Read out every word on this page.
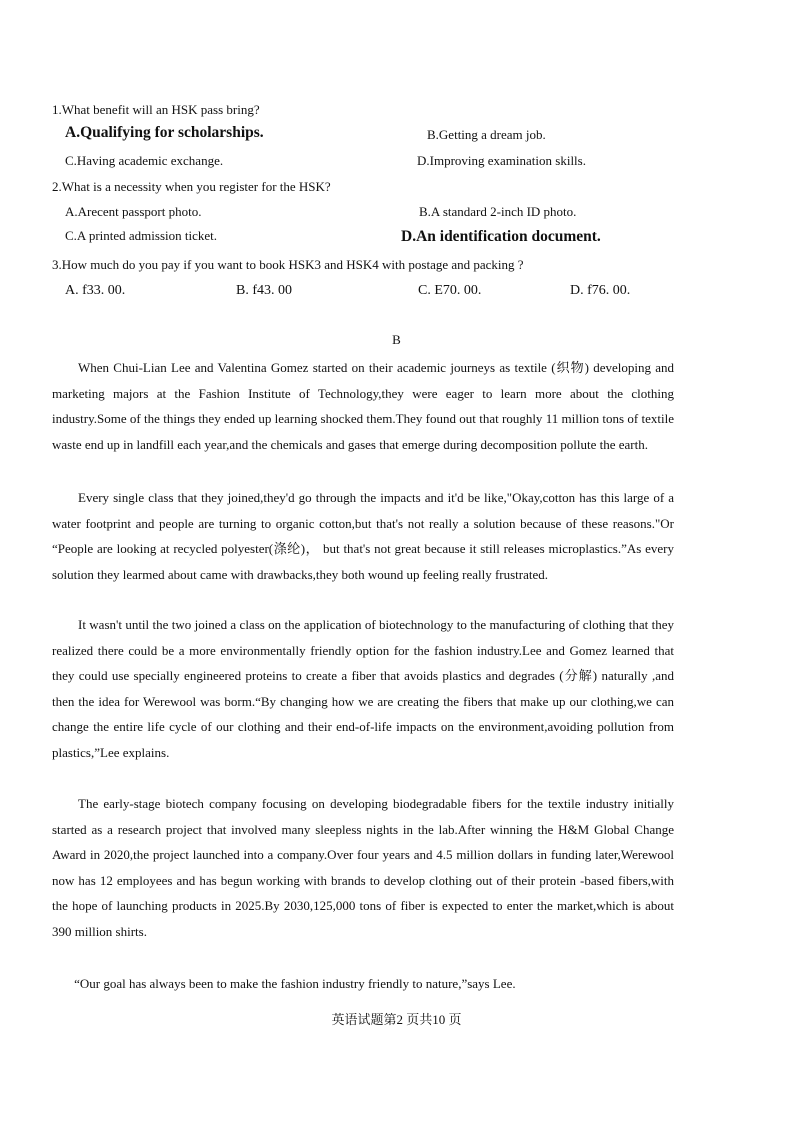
1.What benefit will an HSK pass bring?
A.Qualifying for scholarships.	B.Getting a dream job.
C.Having academic exchange.	D.Improving examination skills.
2.What is a necessity when you register for the HSK?
A.Arecent passport photo.	B.A standard 2-inch ID photo.
C.A printed admission ticket.	D.An identification document.
3.How much do you pay if you want to book HSK3 and HSK4 with postage and packing ?
A. f33. 00.	B. f43. 00	C. E70. 00.	D. f76. 00.
B

When Chui-Lian Lee and Valentina Gomez started on their academic journeys as textile (织物) developing and marketing majors at the Fashion Institute of Technology,they were eager to learn more about the clothing industry.Some of the things they ended up learning shocked them.They found out that roughly 11 million tons of textile waste end up in landfill each year,and the chemicals and gases that emerge during decomposition pollute the earth.

Every single class that they joined,they'd go through the impacts and it'd be like,"Okay,cotton has this large of a water footprint and people are turning to organic cotton,but that's not really a solution because of these reasons."Or “People are looking at recycled polyester(涤纶)， but that's not great because it still releases microplastics.”As every solution they learmed about came with drawbacks,they both wound up feeling really frustrated.

It wasn't until the two joined a class on the application of biotechnology to the manufacturing of clothing that they realized there could be a more environmentally friendly option for the fashion industry.Lee and Gomez learned that they could use specially engineered proteins to create a fiber that avoids plastics and degrades (分解) naturally ,and then the idea for Werewool was borm.“By changing how we are creating the fibers that make up our clothing,we can change the entire life cycle of our clothing and their end-of-life impacts on the environment,avoiding pollution from plastics,”Lee explains.

The early-stage biotech company focusing on developing biodegradable fibers for the textile industry initially started as a research project that involved many sleepless nights in the lab.After winning the H&M Global Change Award in 2020,the project launched into a company.Over four years and 4.5 million dollars in funding later,Werewool now has 12 employees and has begun working with brands to develop clothing out of their protein -based fibers,with the hope of launching products in 2025.By 2030,125,000 tons of fiber is expected to enter the market,which is about 390 million shirts.

“Our goal has always been to make the fashion industry friendly to nature,”says Lee.

英语试题第2 页共10 页
